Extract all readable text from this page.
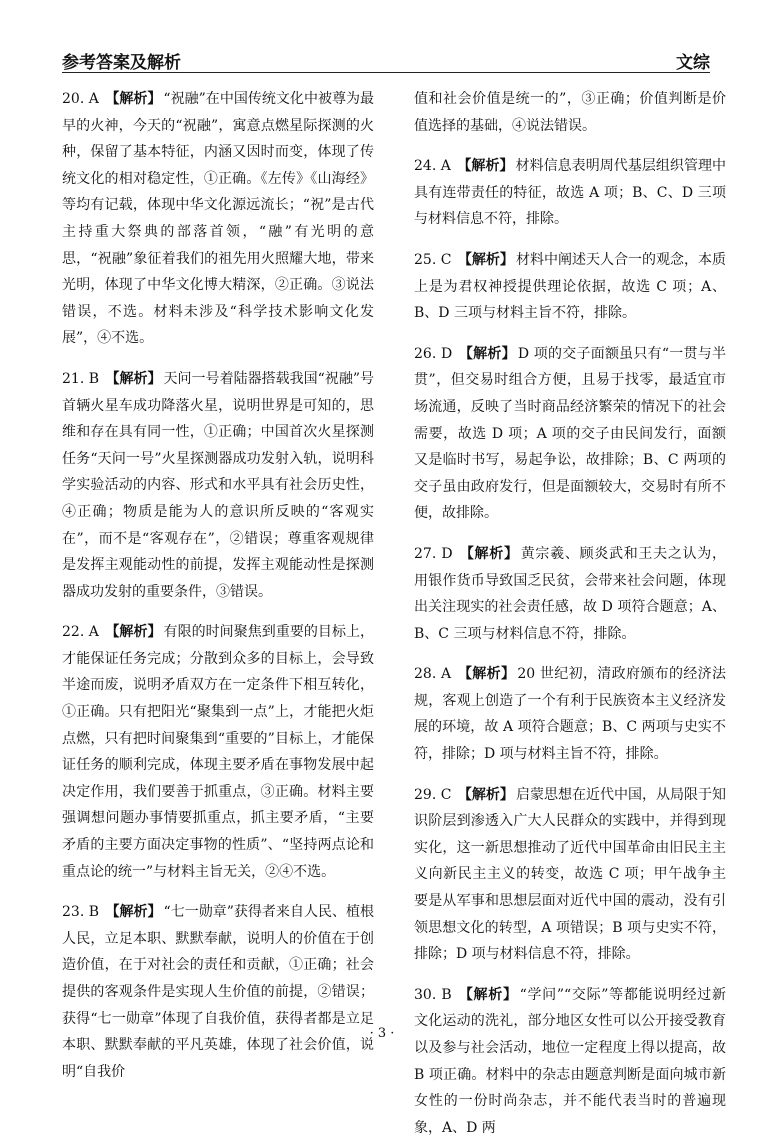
参考答案及解析	文综

20. A 【解析】 “祝融”在中国传统文化中被尊为最早的火神，今天的“祝融”，寓意点燃星际探测的火种，保留了基本特征，内涵又因时而变，体现了传统文化的相对稳定性，①正确。《左传》《山海经》等均有记载，体现中华文化源远流长；“祝”是古代主持重大祭典的部落首领，“融”有光明的意思，“祝融”象征着我们的祖先用火照耀大地，带来光明，体现了中华文化博大精深，②正确。③说法错误，不选。材料未涉及“科学技术影响文化发展”，④不选。

21. B 【解析】 天问一号着陆器搭载我国“祝融”号首辆火星车成功降落火星，说明世界是可知的，思维和存在具有同一性，①正确；中国首次火星探测任务“天问一号”火星探测器成功发射入轨，说明科学实验活动的内容、形式和水平具有社会历史性，④正确；物质是能为人的意识所反映的“客观实在”，而不是“客观存在”，②错误；尊重客观规律是发挥主观能动性的前提，发挥主观能动性是探测器成功发射的重要条件，③错误。

22. A 【解析】 有限的时间聚焦到重要的目标上，才能保证任务完成；分散到众多的目标上，会导致半途而废，说明矛盾双方在一定条件下相互转化，①正确。只有把阳光“聚集到一点”上，才能把火炬点燃，只有把时间聚集到“重要的”目标上，才能保证任务的顺利完成，体现主要矛盾在事物发展中起决定作用，我们要善于抓重点，③正确。材料主要强调想问题办事情要抓重点，抓主要矛盾，“主要矛盾的主要方面决定事物的性质”、“坚持两点论和重点论的统一”与材料主旨无关，②④不选。

23. B 【解析】 “七一勋章”获得者来自人民、植根人民，立足本职、默默奉献，说明人的价值在于创造价值，在于对社会的责任和贡献，①正确；社会提供的客观条件是实现人生价值的前提，②错误；获得“七一勋章”体现了自我价值，获得者都是立足本职、默默奉献的平凡英雄，体现了社会价值，说明“自我价

值和社会价值是统一的”，③正确；价值判断是价值选择的基础，④说法错误。

24. A 【解析】 材料信息表明周代基层组织管理中具有连带责任的特征，故选 A 项；B、C、D 三项与材料信息不符，排除。

25. C 【解析】 材料中阐述天人合一的观念，本质上是为君权神授提供理论依据，故选 C 项；A、B、D 三项与材料主旨不符，排除。

26. D 【解析】 D 项的交子面额虽只有“一贯与半贯”，但交易时组合方便，且易于找零，最适宜市场流通，反映了当时商品经济繁荣的情况下的社会需要，故选 D 项；A 项的交子由民间发行，面额又是临时书写，易起争讼，故排除；B、C 两项的交子虽由政府发行，但是面额较大，交易时有所不便，故排除。

27. D 【解析】 黄宗羲、顾炎武和王夫之认为，用银作货币导致国乏民贫，会带来社会问题，体现出关注现实的社会责任感，故 D 项符合题意；A、B、C 三项与材料信息不符，排除。

28. A 【解析】 20 世纪初，清政府颁布的经济法规，客观上创造了一个有利于民族资本主义经济发展的环境，故 A 项符合题意；B、C 两项与史实不符，排除；D 项与材料主旨不符，排除。

29. C 【解析】 启蒙思想在近代中国，从局限于知识阶层到渗透入广大人民群众的实践中，并得到现实化，这一新思想推动了近代中国革命由旧民主主义向新民主主义的转变，故选 C 项；甲午战争主要是从军事和思想层面对近代中国的震动，没有引领思想文化的转型，A 项错误；B 项与史实不符，排除；D 项与材料信息不符，排除。

30. B 【解析】 “学问”“交际”等都能说明经过新文化运动的洗礼，部分地区女性可以公开接受教育以及参与社会活动，地位一定程度上得以提高，故 B 项正确。材料中的杂志由题意判断是面向城市新女性的一份时尚杂志，并不能代表当时的普遍现象，A、D 两

· 3 ·
